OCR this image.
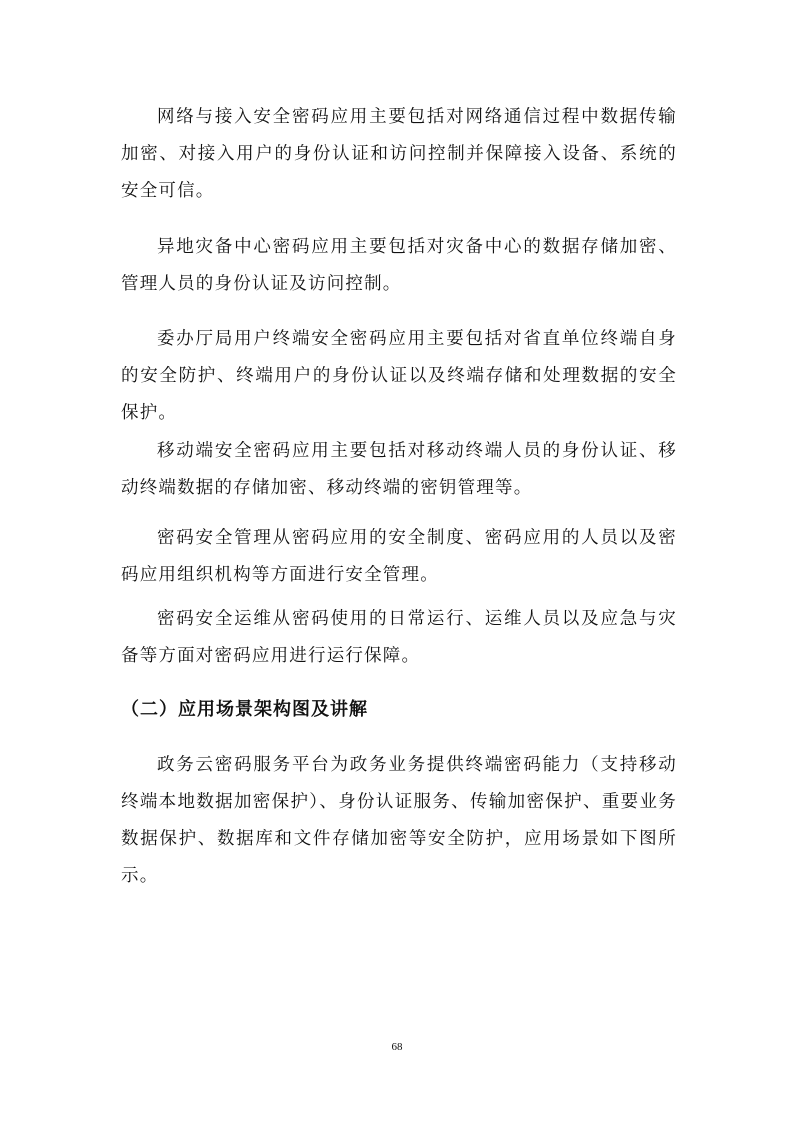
网络与接入安全密码应用主要包括对网络通信过程中数据传输加密、对接入用户的身份认证和访问控制并保障接入设备、系统的安全可信。

异地灾备中心密码应用主要包括对灾备中心的数据存储加密、管理人员的身份认证及访问控制。

委办厅局用户终端安全密码应用主要包括对省直单位终端自身的安全防护、终端用户的身份认证以及终端存储和处理数据的安全保护。

移动端安全密码应用主要包括对移动终端人员的身份认证、移动终端数据的存储加密、移动终端的密钥管理等。

密码安全管理从密码应用的安全制度、密码应用的人员以及密码应用组织机构等方面进行安全管理。

密码安全运维从密码使用的日常运行、运维人员以及应急与灾备等方面对密码应用进行运行保障。

（二）应用场景架构图及讲解

政务云密码服务平台为政务业务提供终端密码能力（支持移动终端本地数据加密保护）、身份认证服务、传输加密保护、重要业务数据保护、数据库和文件存储加密等安全防护，应用场景如下图所示。

68
